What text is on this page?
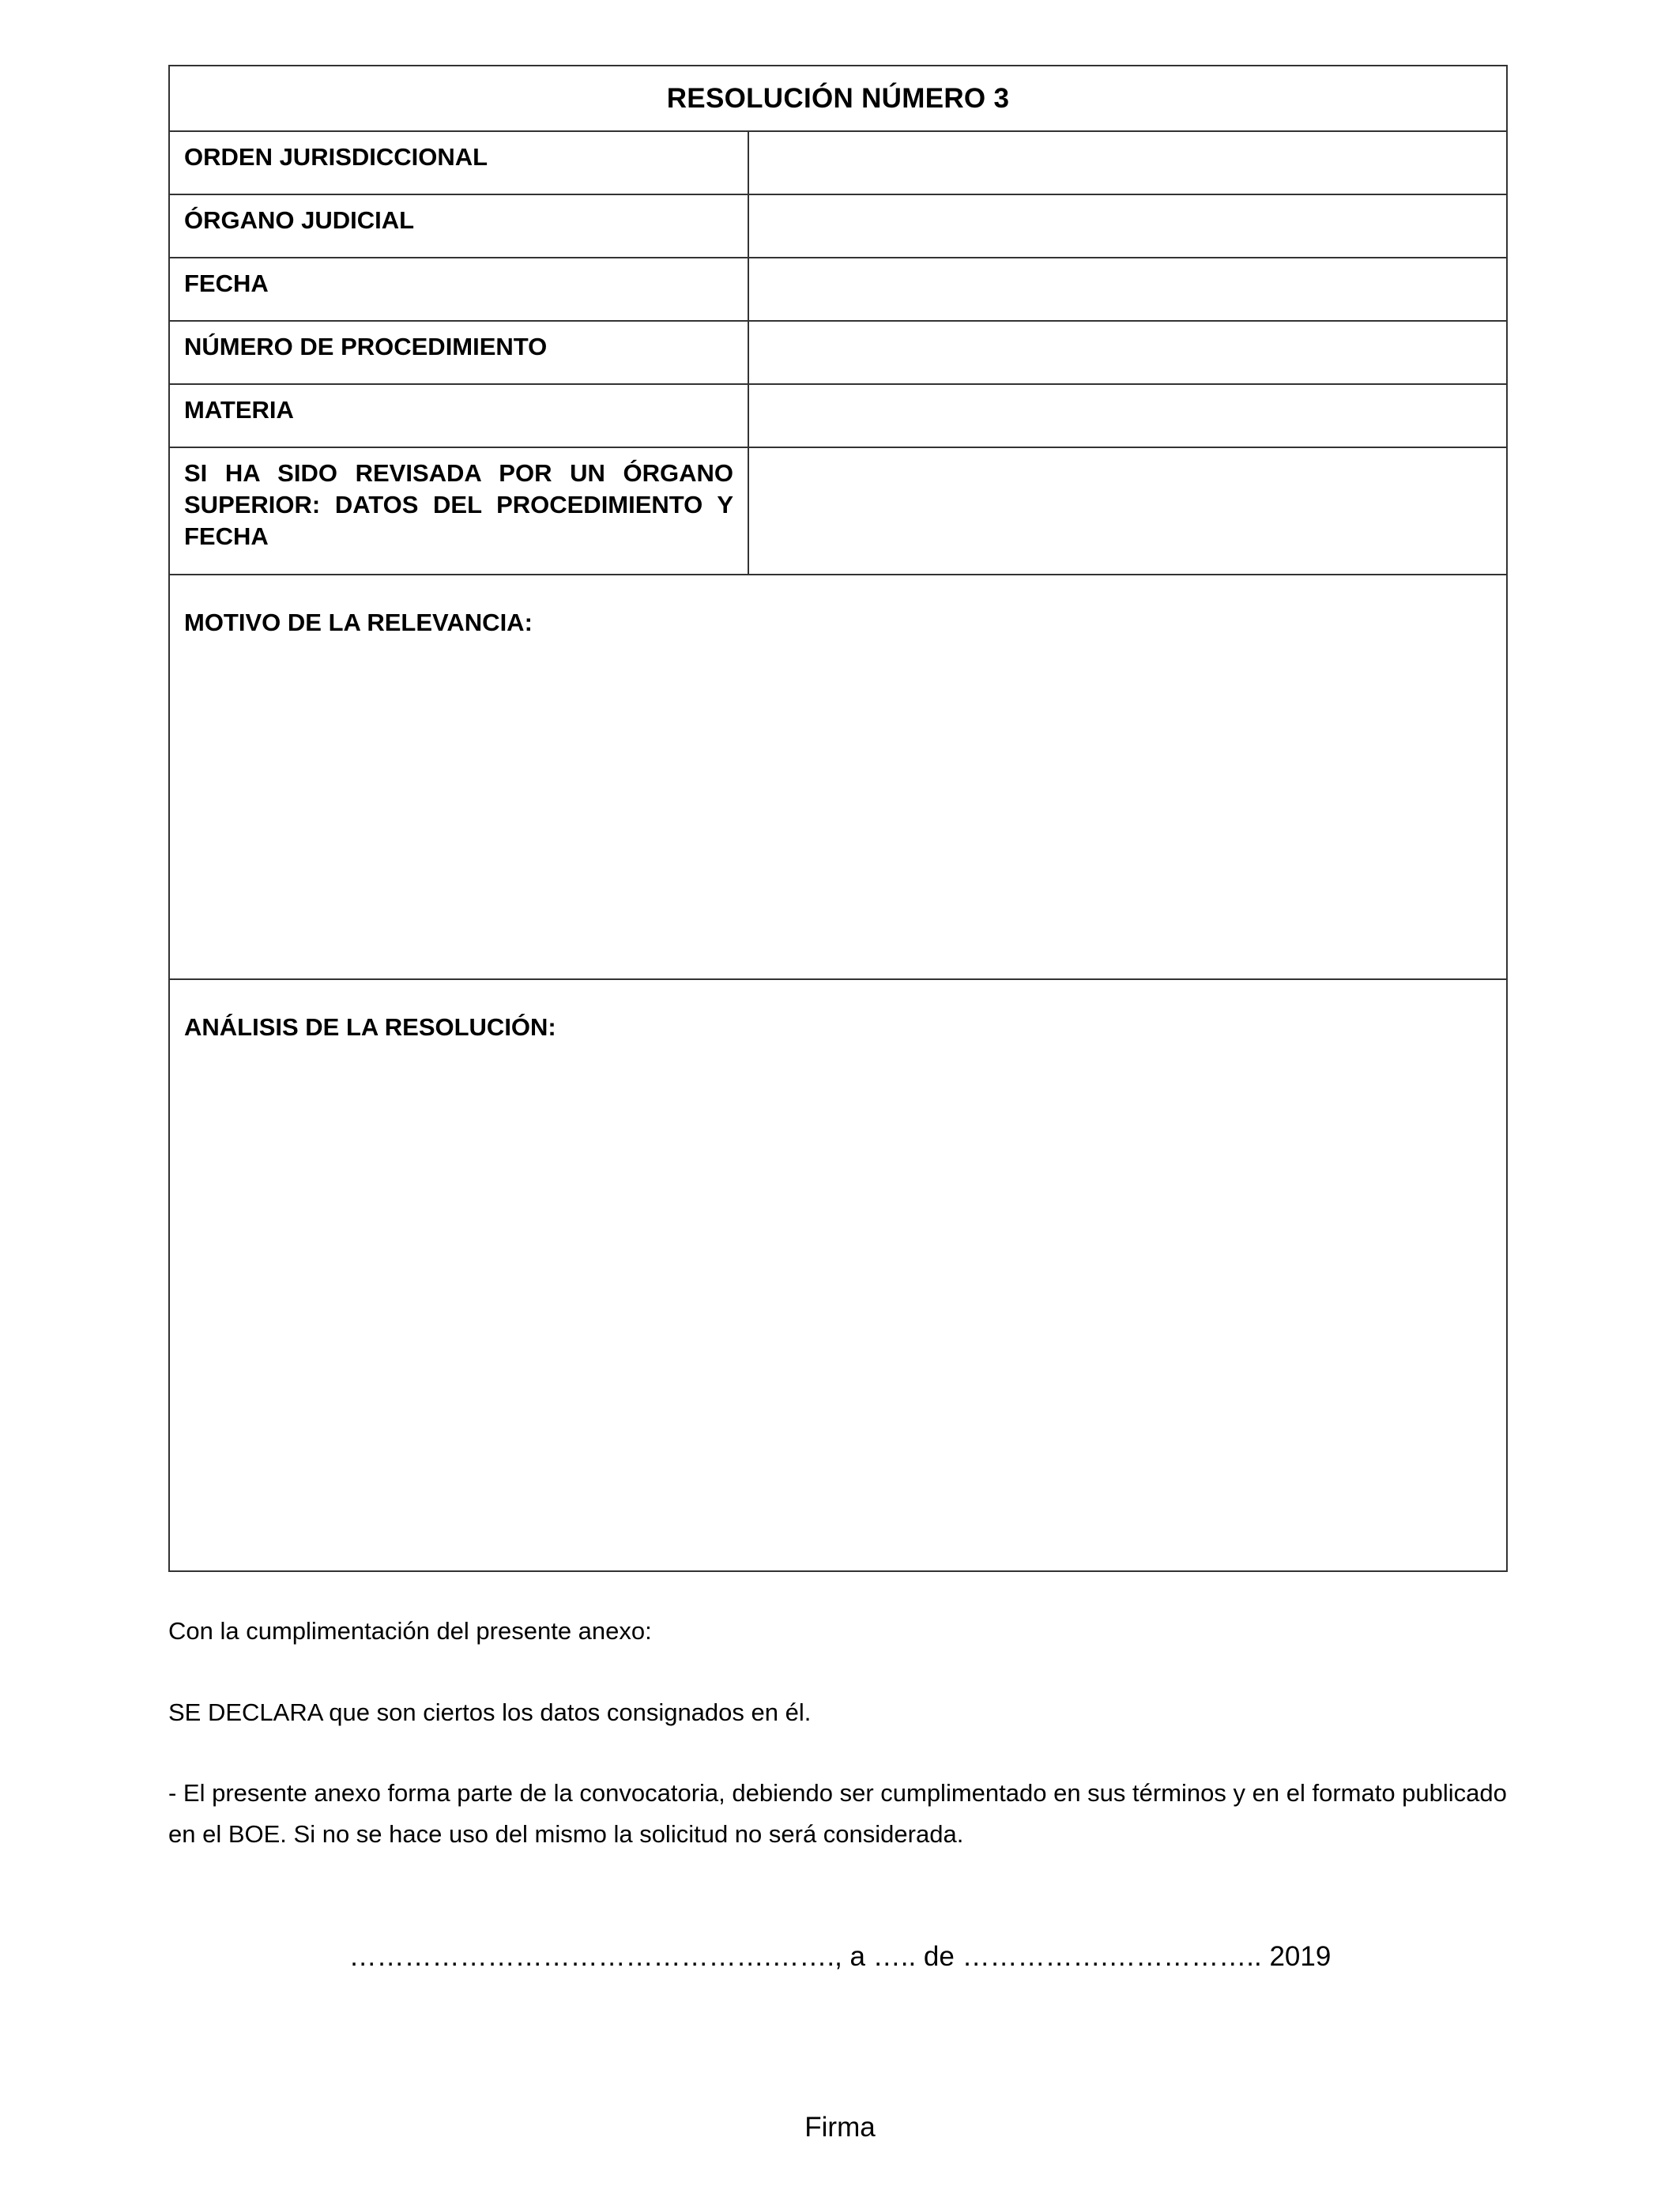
RESOLUCIÓN NÚMERO 3
ORDEN JURISDICCIONAL
ÓRGANO JUDICIAL
FECHA
NÚMERO DE PROCEDIMIENTO
MATERIA
SI HA SIDO REVISADA POR UN ÓRGANO SUPERIOR: DATOS DEL PROCEDIMIENTO Y FECHA
MOTIVO DE LA RELEVANCIA:
ANÁLISIS DE LA RESOLUCIÓN:

Con la cumplimentación del presente anexo:

SE DECLARA que son ciertos los datos consignados en él.

- El presente anexo forma parte de la convocatoria, debiendo ser cumplimentado en sus términos y en el formato publicado en el BOE. Si no se hace uso del mismo la solicitud no será considerada.

……………………………………….……., a ….. de …………….…………….. 2019

Firma
